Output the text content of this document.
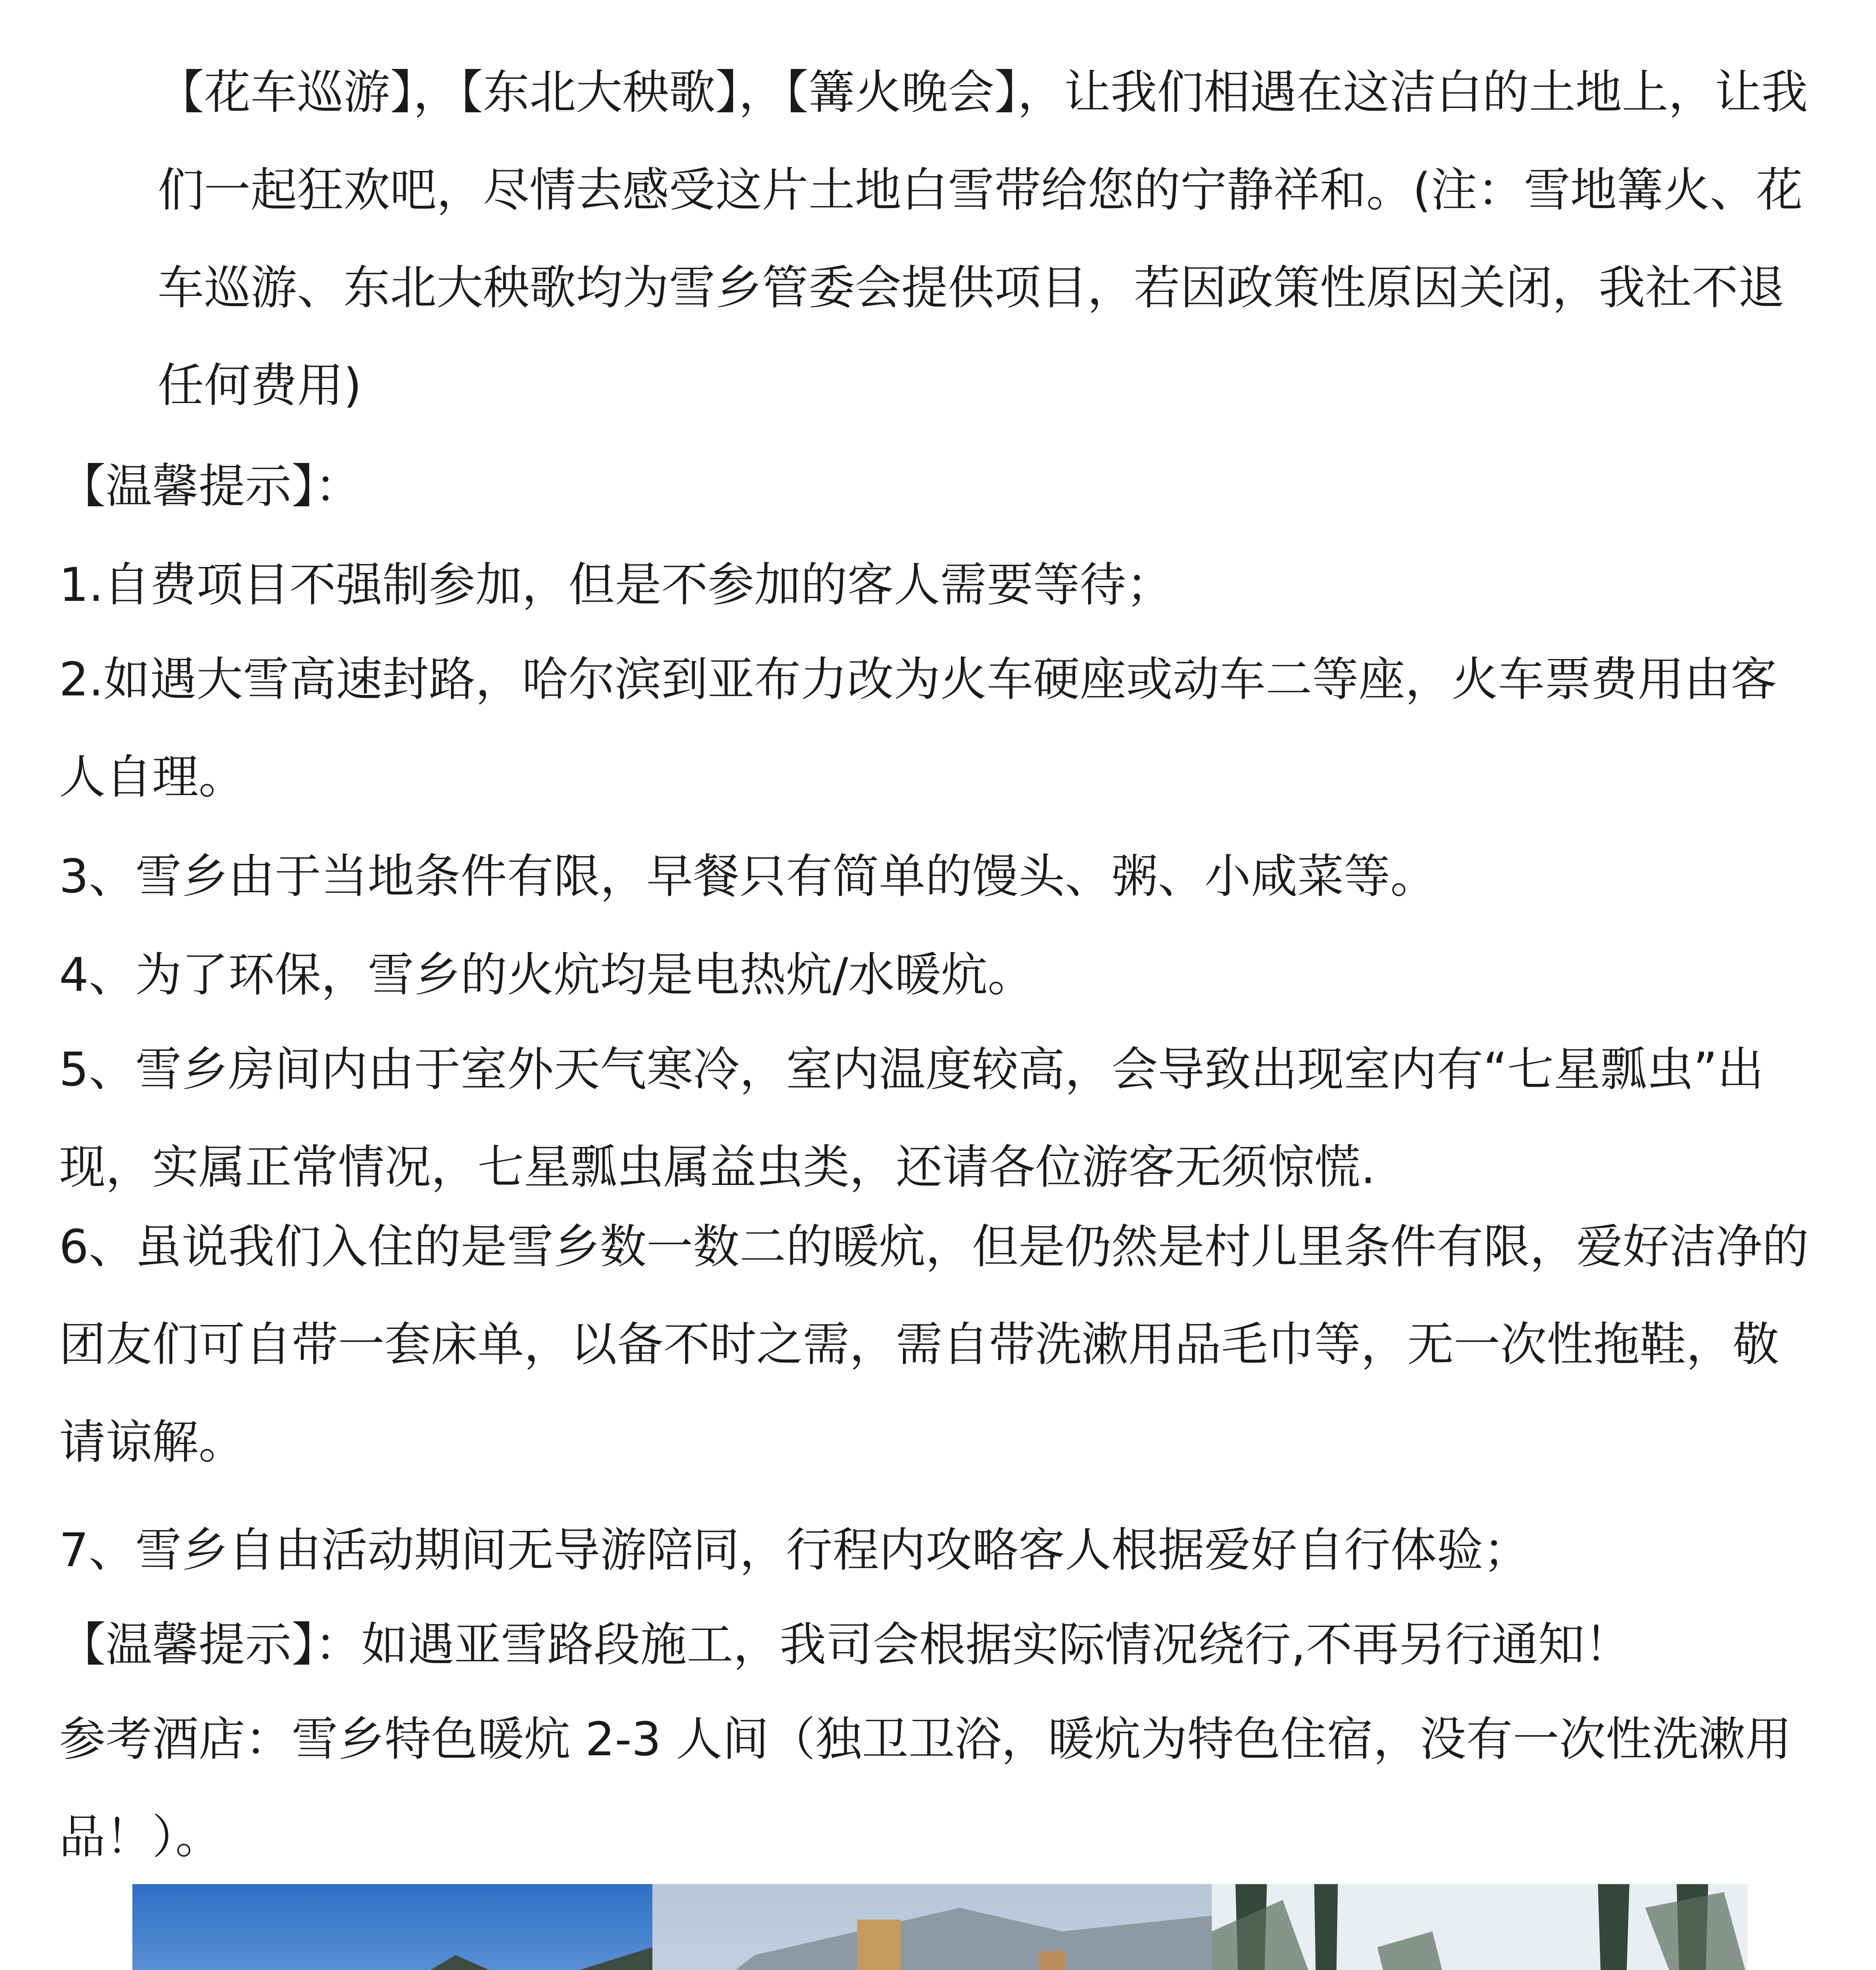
【花车巡游】，【东北大秧歌】，【篝火晚会】，让我们相遇在这洁白的土地上，让我们一起狂欢吧，尽情去感受这片土地白雪带给您的宁静祥和。(注：雪地篝火、花车巡游、东北大秧歌均为雪乡管委会提供项目，若因政策性原因关闭，我社不退任何费用)

【温馨提示】：

1.自费项目不强制参加，但是不参加的客人需要等待；

2.如遇大雪高速封路，哈尔滨到亚布力改为火车硬座或动车二等座，火车票费用由客人自理。

3、雪乡由于当地条件有限，早餐只有简单的馒头、粥、小咸菜等。

4、为了环保，雪乡的火炕均是电热炕/水暖炕。

5、雪乡房间内由于室外天气寒冷，室内温度较高，会导致出现室内有“七星瓢虫”出现，实属正常情况，七星瓢虫属益虫类，还请各位游客无须惊慌.

6、虽说我们入住的是雪乡数一数二的暖炕，但是仍然是村儿里条件有限，爱好洁净的团友们可自带一套床单，以备不时之需，需自带洗漱用品毛巾等，无一次性拖鞋，敬请谅解。

7、雪乡自由活动期间无导游陪同，行程内攻略客人根据爱好自行体验；

【温馨提示】：如遇亚雪路段施工，我司会根据实际情况绕行,不再另行通知！

参考酒店：雪乡特色暖炕 2-3 人间（独卫卫浴，暖炕为特色住宿，没有一次性洗漱用品！）。
